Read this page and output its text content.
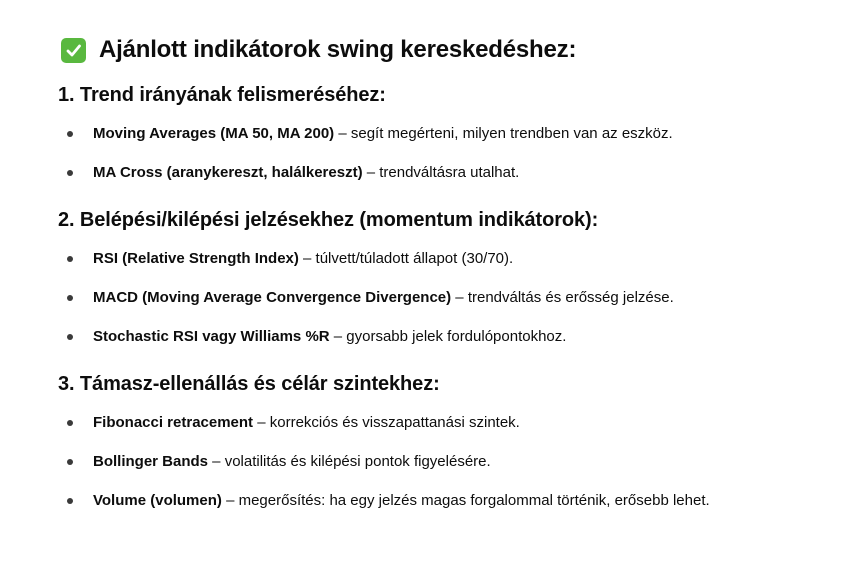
Ajánlott indikátorok swing kereskedéshez:
1. Trend irányának felismeréséhez:
Moving Averages (MA 50, MA 200) – segít megérteni, milyen trendben van az eszköz.
MA Cross (aranykereszt, halálkereszt) – trendváltásra utalhat.
2. Belépési/kilépési jelzésekhez (momentum indikátorok):
RSI (Relative Strength Index) – túlvett/túladott állapot (30/70).
MACD (Moving Average Convergence Divergence) – trendváltás és erősség jelzése.
Stochastic RSI vagy Williams %R – gyorsabb jelek fordulópontokhoz.
3. Támasz-ellenállás és célár szintekhez:
Fibonacci retracement – korrekciós és visszapattanási szintek.
Bollinger Bands – volatilitás és kilépési pontok figyelésére.
Volume (volumen) – megerősítés: ha egy jelzés magas forgalommal történik, erősebb lehet.
